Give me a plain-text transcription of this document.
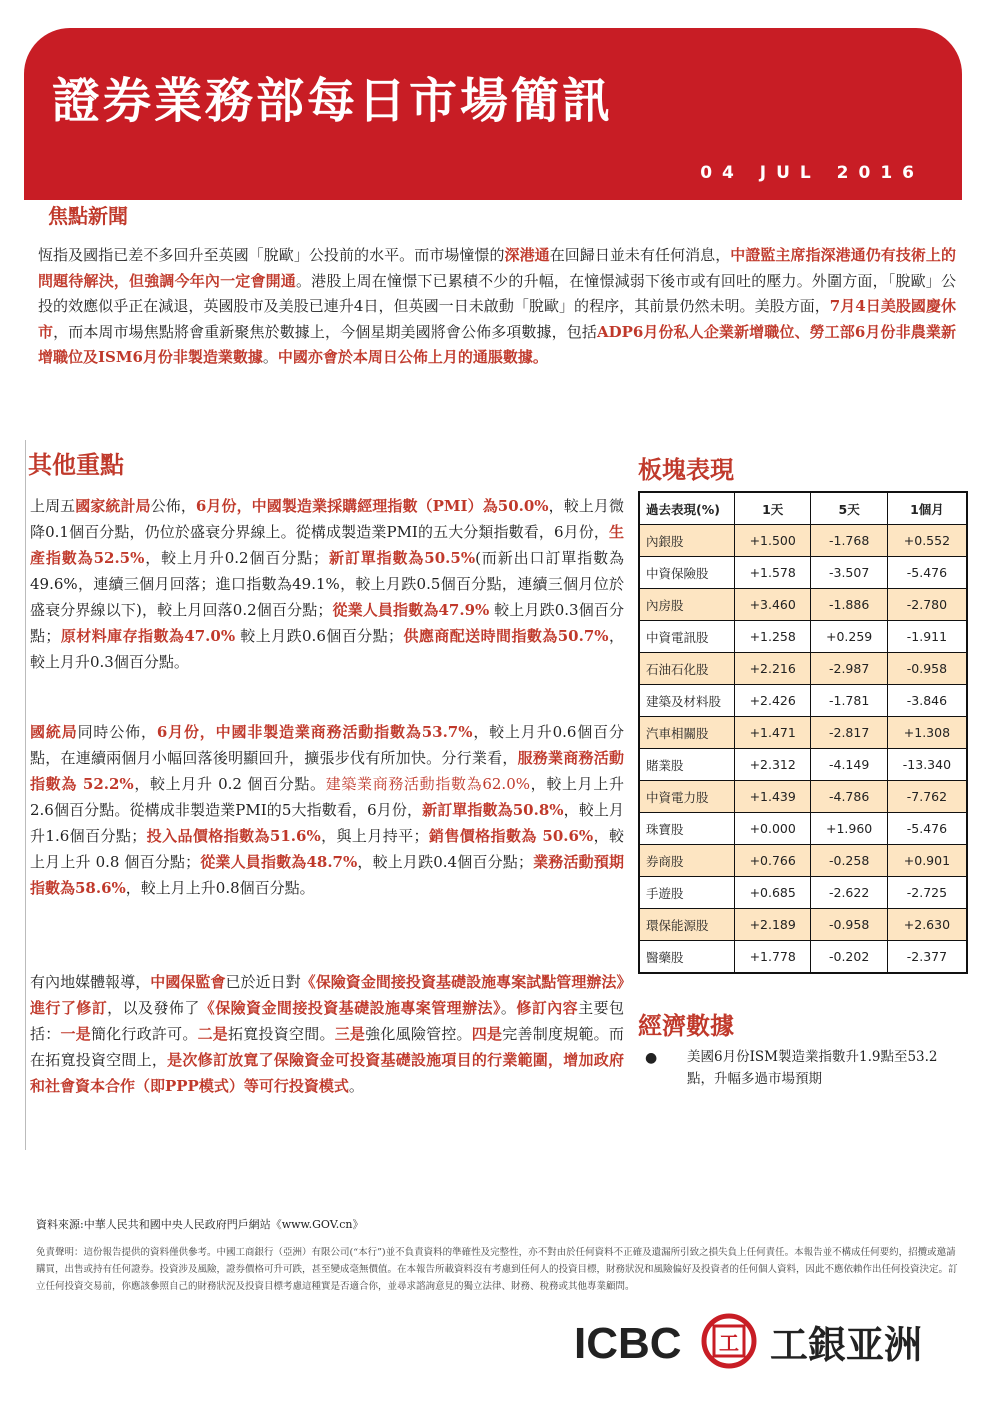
證券業務部每日市場簡訊
04 JUL 2016
焦點新聞
恆指及國指已差不多回升至英國「脫歐」公投前的水平。而市場憧憬的深港通在回歸日並未有任何消息，中證監主席指深港通仍有技術上的問題待解決，但強調今年內一定會開通。港股上周在憧憬下已累積不少的升幅，在憧憬減弱下後市或有回吐的壓力。外圍方面，「脫歐」公投的效應似乎正在減退，英國股市及美股已連升4日，但英國一日未啟動「脫歐」的程序，其前景仍然未明。美股方面，7月4日美股國慶休市，而本周市場焦點將會重新聚焦於數據上，今個星期美國將會公佈多項數據，包括ADP6月份私人企業新增職位、勞工部6月份非農業新增職位及ISM6月份非製造業數據。中國亦會於本周日公佈上月的通脹數據。
其他重點
上周五國家統計局公佈，6月份，中國製造業採購經理指數（PMI）為50.0%，較上月微降0.1個百分點，仍位於盛衰分界線上。從構成製造業PMI的五大分類指數看，6月份，生產指數為52.5%，較上月升0.2個百分點；新訂單指數為50.5%(而新出口訂單指數為49.6%，連續三個月回落；進口指數為49.1%，較上月跌0.5個百分點，連續三個月位於盛衰分界線以下)，較上月回落0.2個百分點；從業人員指數為47.9% 較上月跌0.3個百分點；原材料庫存指數為47.0% 較上月跌0.6個百分點；供應商配送時間指數為50.7%，較上月升0.3個百分點。
國統局同時公佈，6月份，中國非製造業商務活動指數為53.7%，較上月升0.6個百分點，在連續兩個月小幅回落後明顯回升，擴張步伐有所加快。分行業看，服務業商務活動指數為 52.2%，較上月升 0.2 個百分點。建築業商務活動指數為62.0%，較上月上升2.6個百分點。從構成非製造業PMI的5大指數看，6月份，新訂單指數為50.8%，較上月升1.6個百分點；投入品價格指數為51.6%，與上月持平；銷售價格指數為 50.6%，較上月上升 0.8 個百分點；從業人員指數為48.7%，較上月跌0.4個百分點；業務活動預期指數為58.6%，較上月上升0.8個百分點。
有內地媒體報導，中國保監會已於近日對《保險資金間接投資基礎設施專案試點管理辦法》進行了修訂，以及發佈了《保險資金間接投資基礎設施專案管理辦法》。修訂內容主要包括：一是簡化行政許可。二是拓寬投資空間。三是強化風險管控。四是完善制度規範。而在拓寬投資空間上，是次修訂放寬了保險資金可投資基礎設施項目的行業範圍，增加政府和社會資本合作（即PPP模式）等可行投資模式。
板塊表現
過去表現(%)	1天	5天	1個月
內銀股	+1.500	-1.768	+0.552
中資保險股	+1.578	-3.507	-5.476
內房股	+3.460	-1.886	-2.780
中資電訊股	+1.258	+0.259	-1.911
石油石化股	+2.216	-2.987	-0.958
建築及材料股	+2.426	-1.781	-3.846
汽車相關股	+1.471	-2.817	+1.308
賭業股	+2.312	-4.149	-13.340
中資電力股	+1.439	-4.786	-7.762
珠寶股	+0.000	+1.960	-5.476
券商股	+0.766	-0.258	+0.901
手遊股	+0.685	-2.622	-2.725
環保能源股	+2.189	-0.958	+2.630
醫藥股	+1.778	-0.202	-2.377
經濟數據
● 美國6月份ISM製造業指數升1.9點至53.2點，升幅多過市場預期
資料來源:中華人民共和國中央人民政府門戶網站《www.GOV.cn》
免責聲明：這份報告提供的資料僅供參考。中國工商銀行（亞洲）有限公司(“本行”)並不負責資料的準確性及完整性，亦不對由於任何資料不正確及遺漏所引致之損失負上任何責任。本報告並不構成任何要約，招攬或邀請購買，出售或持有任何證券。投資涉及風險，證券價格可升可跌，甚至變成毫無價值。在本報告所載資料沒有考慮到任何人的投資目標，財務狀況和風險偏好及投資者的任何個人資料，因此不應依賴作出任何投資決定。訂立任何投資交易前，你應該參照自己的財務狀況及投資目標考慮這種實是否適合你，並尋求諮詢意見的獨立法律、財務、稅務或其他專業顧問。
ICBC 工 工銀亚洲
